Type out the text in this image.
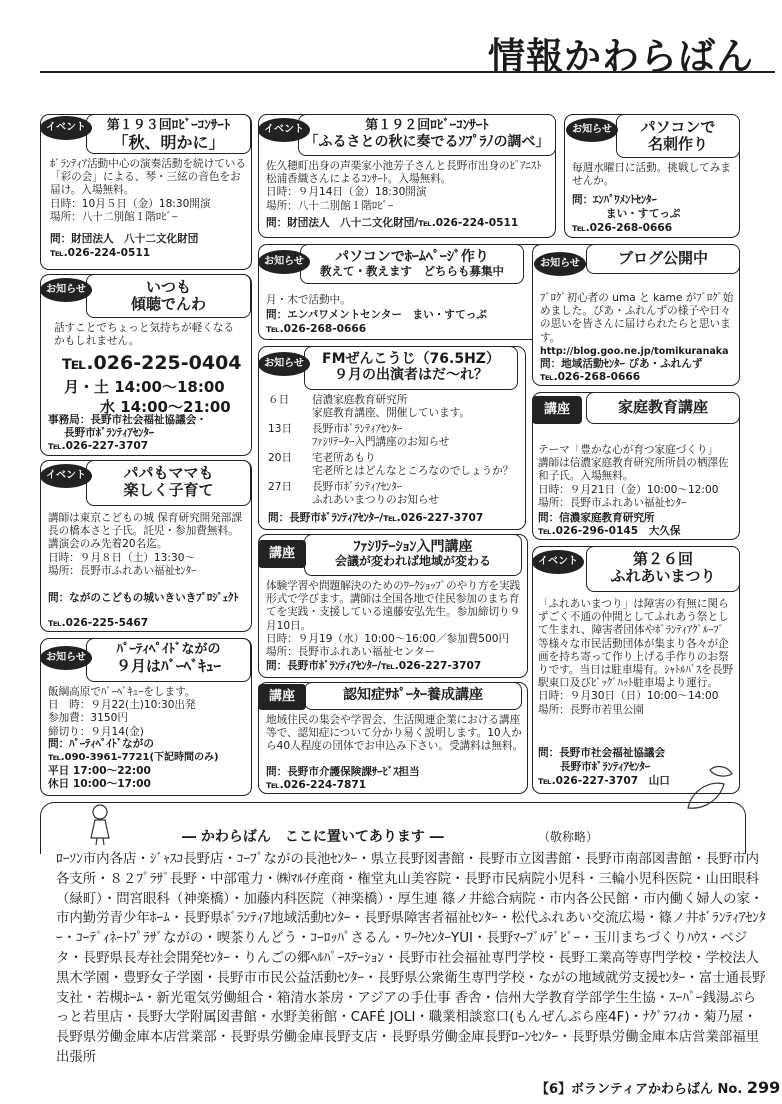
情報かわらばん
第１９３回ﾛﾋﾞｰｺﾝｻｰﾄ
「秋、明かに」
イベント
ﾎﾞﾗﾝﾃｨｱ活動中心の演奏活動を続けている「彩の会」による、琴・三絃の音色をお届け。入場無料。
日時：10月５日（金）18:30開演
場所：八十二別館１階ﾛﾋﾞｰ
問：財団法人　八十二文化財団
℡.026-224-0511
第１９２回ﾛﾋﾞｰｺﾝｻｰﾄ
「ふるさとの秋に奏でるｿﾌﾟﾗﾉの調べ」
イベント
佐久穂町出身の声楽家小池芳子さんと長野市出身のﾋﾟｱﾆｽﾄ松浦香織さんによるｺﾝｻｰﾄ。入場無料。
日時：９月14日（金）18:30開演
場所：八十二別館１階ﾛﾋﾞｰ
問：財団法人　八十二文化財団/℡.026-224-0511
パソコンで
名刺作り
お知らせ
毎週水曜日に活動。挑戦してみませんか。
問：ｴﾝﾊﾟﾜﾒﾝﾄｾﾝﾀｰ
まい・すてっぷ
℡.026-268-0666
いつも
傾聴でんわ
お知らせ
話すことでちょっと気持ちが軽くなるかもしれません。
℡.026-225-0404
月・土 14:00～18:00
水 14:00～21:00
事務局：長野市社会福祉協議会・
長野市ﾎﾞﾗﾝﾃｨｱｾﾝﾀｰ
℡.026-227-3707
パソコンでﾎｰﾑﾍﾟｰｼﾞ作り
教えて・教えます　どちらも募集中
お知らせ
月・木で活動中。
問：エンパワメントセンター　まい・すてっぷ
℡.026-268-0666
ブログ公開中
お知らせ
ﾌﾞﾛｸﾞ初心者の uma と kame がﾌﾞﾛｸﾞ始めました。ぴあ・ふれんずの様子や日々の思いを皆さんに届けられたらと思います。
http://blog.goo.ne.jp/tomikuranaka
問：地域活動ｾﾝﾀｰ ぴあ・ふれんず
℡.026-268-0666
FMぜんこうじ（76.5HZ）
９月の出演者はだ～れ？
お知らせ
６日	信濃家庭教育研究所
家庭教育講座、開催しています。
13日	長野市ﾎﾞﾗﾝﾃｨｱｾﾝﾀｰ
ﾌｧｼﾘﾃｰﾀｰ入門講座のお知らせ
20日	宅老所あもり
宅老所とはどんなところなのでしょうか？
27日	長野市ﾎﾞﾗﾝﾃｨｱｾﾝﾀｰ
ふれあいまつりのお知らせ
問：長野市ﾎﾞﾗﾝﾃｨｱｾﾝﾀｰ/℡.026-227-3707
家庭教育講座
講座
テーマ「豊かな心が育つ家庭づくり」
講師は信濃家庭教育研究所所員の栖澤佐和子氏。入場無料。
日時：９月21日（金）10:00～12:00
場所：長野市ふれあい福祉ｾﾝﾀｰ
問：信濃家庭教育研究所
℡.026-296-0145　大久保
パパもママも
楽しく子育て
イベント
講師は東京こどもの城 保育研究開発部課長の橋本さと子氏。託児・参加費無料。講演会のみ先着20名迄。
日時：９月８日（土）13:30～
場所：長野市ふれあい福祉ｾﾝﾀｰ
問：ながのこどもの城いきいきﾌﾟﾛｼﾞｪｸﾄ
℡.026-225-5467
ﾌｧｼﾘﾃｰｼｮﾝ入門講座
会議が変われば地域が変わる
講座
体験学習や問題解決のためのﾜｰｸｼｮｯﾌﾟのやり方を実践形式で学びます。講師は全国各地で住民参加のまち育てを実践・支援している遠藤安弘先生。参加締切り９月10日。
日時：９月19（水）10:00～16:00／参加費500円
場所：長野市ふれあい福祉センター
問：長野市ﾎﾞﾗﾝﾃｨｱｾﾝﾀｰ/℡.026-227-3707
第２６回
ふれあいまつり
イベント
「ふれあいまつり」は障害の有無に関らずごく不通の仲間としてふれあう祭として生まれ、障害者団体やﾎﾞﾗﾝﾃｨｱｸﾞﾙｰﾌﾟ等様々な市民活動団体が集まり各々が企画を持ち寄って作り上げる手作りのお祭りです。当日は駐車場有。ｼｬﾄﾙﾊﾞｽを長野駅東口及びﾋﾞｯｸﾞﾊｯﾄ駐車場より運行。
日時：９月30日（日）10:00～14:00
場所：長野市若里公園
問：長野市社会福祉協議会
長野市ﾎﾞﾗﾝﾃｨｱｾﾝﾀｰ
℡.026-227-3707　山口
ﾊﾟｰﾃｨﾍﾟｲﾄﾞながの
９月はﾊﾞｰﾍﾞｷｭｰ
お知らせ
飯綱高原でﾊﾞｰﾍﾞｷｭｰをします。
日　時：９月22(土)10:30出発
参加費：3150円
締切り：９月14(金)
問：ﾊﾟｰﾃｨﾍﾟｲﾄﾞながの
℡.090-3961-7721(下記時間のみ)
平日 17:00～22:00
休日 10:00～17:00
認知症ｻﾎﾟｰﾀｰ養成講座
講座
地域住民の集会や学習会、生活関連企業における講座等で、認知症について分かり易く説明します。10人から40人程度の団体でお申込み下さい。受講料は無料。
問：長野市介護保険課ｻｰﾋﾞｽ担当
℡.026-224-7871
― かわらばん　ここに置いてあります ―	（敬称略）
ﾛｰｿﾝ市内各店・ｼﾞｬｽｺ長野店・ｺｰﾌﾟながの長池ｾﾝﾀｰ・県立長野図書館・長野市立図書館・長野市南部図書館・長野市内各支所・８２ﾌﾟﾗｻﾞ長野・中部電力・㈱ﾏﾙｲﾁ産商・権堂丸山美容院・長野市民病院小児科・三輪小児科医院・山田眼科（緑町）・問宮眼科（神楽橋）・加藤内科医院（神楽橋）・厚生連 篠ノ井総合病院・市内各公民館・市内働く婦人の家・市内勤労青少年ﾎｰﾑ・長野県ﾎﾞﾗﾝﾃｨｱ地域活動ｾﾝﾀｰ・長野県障害者福祉ｾﾝﾀｰ・松代ふれあい交流広場・篠ノ井ﾎﾞﾗﾝﾃｨｱｾﾝﾀｰ・ｺｰﾃﾞｨﾈｰﾄﾌﾟﾗｻﾞながの・喫茶りんどう・ｺｰﾛｯﾊﾟさるん・ﾜｰｸｾﾝﾀｰYUI・長野ﾏｰﾌﾞﾙﾃﾞﾋﾞｰ・玉川まちづくりﾊｳｽ・ベジタ・長野県長寿社会開発ｾﾝﾀｰ・りんごの郷ﾍﾙﾊﾟｰｽﾃｰｼｮﾝ・長野市社会福祉専門学校・長野工業高等専門学校・学校法人黒木学園・豊野女子学園・長野市市民公益活動ｾﾝﾀｰ・長野県公衆衛生専門学校・ながの地域就労支援ｾﾝﾀｰ・富士通長野支社・若槻ﾎｰﾑ・新光電気労働組合・箱清水茶房・アジアの手仕事 香舎・信州大学教育学部学生生協・ｽｰﾊﾟｰ銭湯ぷらっと若里店・長野大学附属図書館・水野美術館・CAFÉ JOLI・職業相談窓口(もんぜんぷら座4F)・ﾅｸﾞﾗﾌｨｶ・菊乃屋・長野県労働金庫本店営業部・長野県労働金庫長野支店・長野県労働金庫長野ﾛｰﾝｾﾝﾀｰ・長野県労働金庫本店営業部福里出張所
【6】ボランティアかわらばん No. 299
